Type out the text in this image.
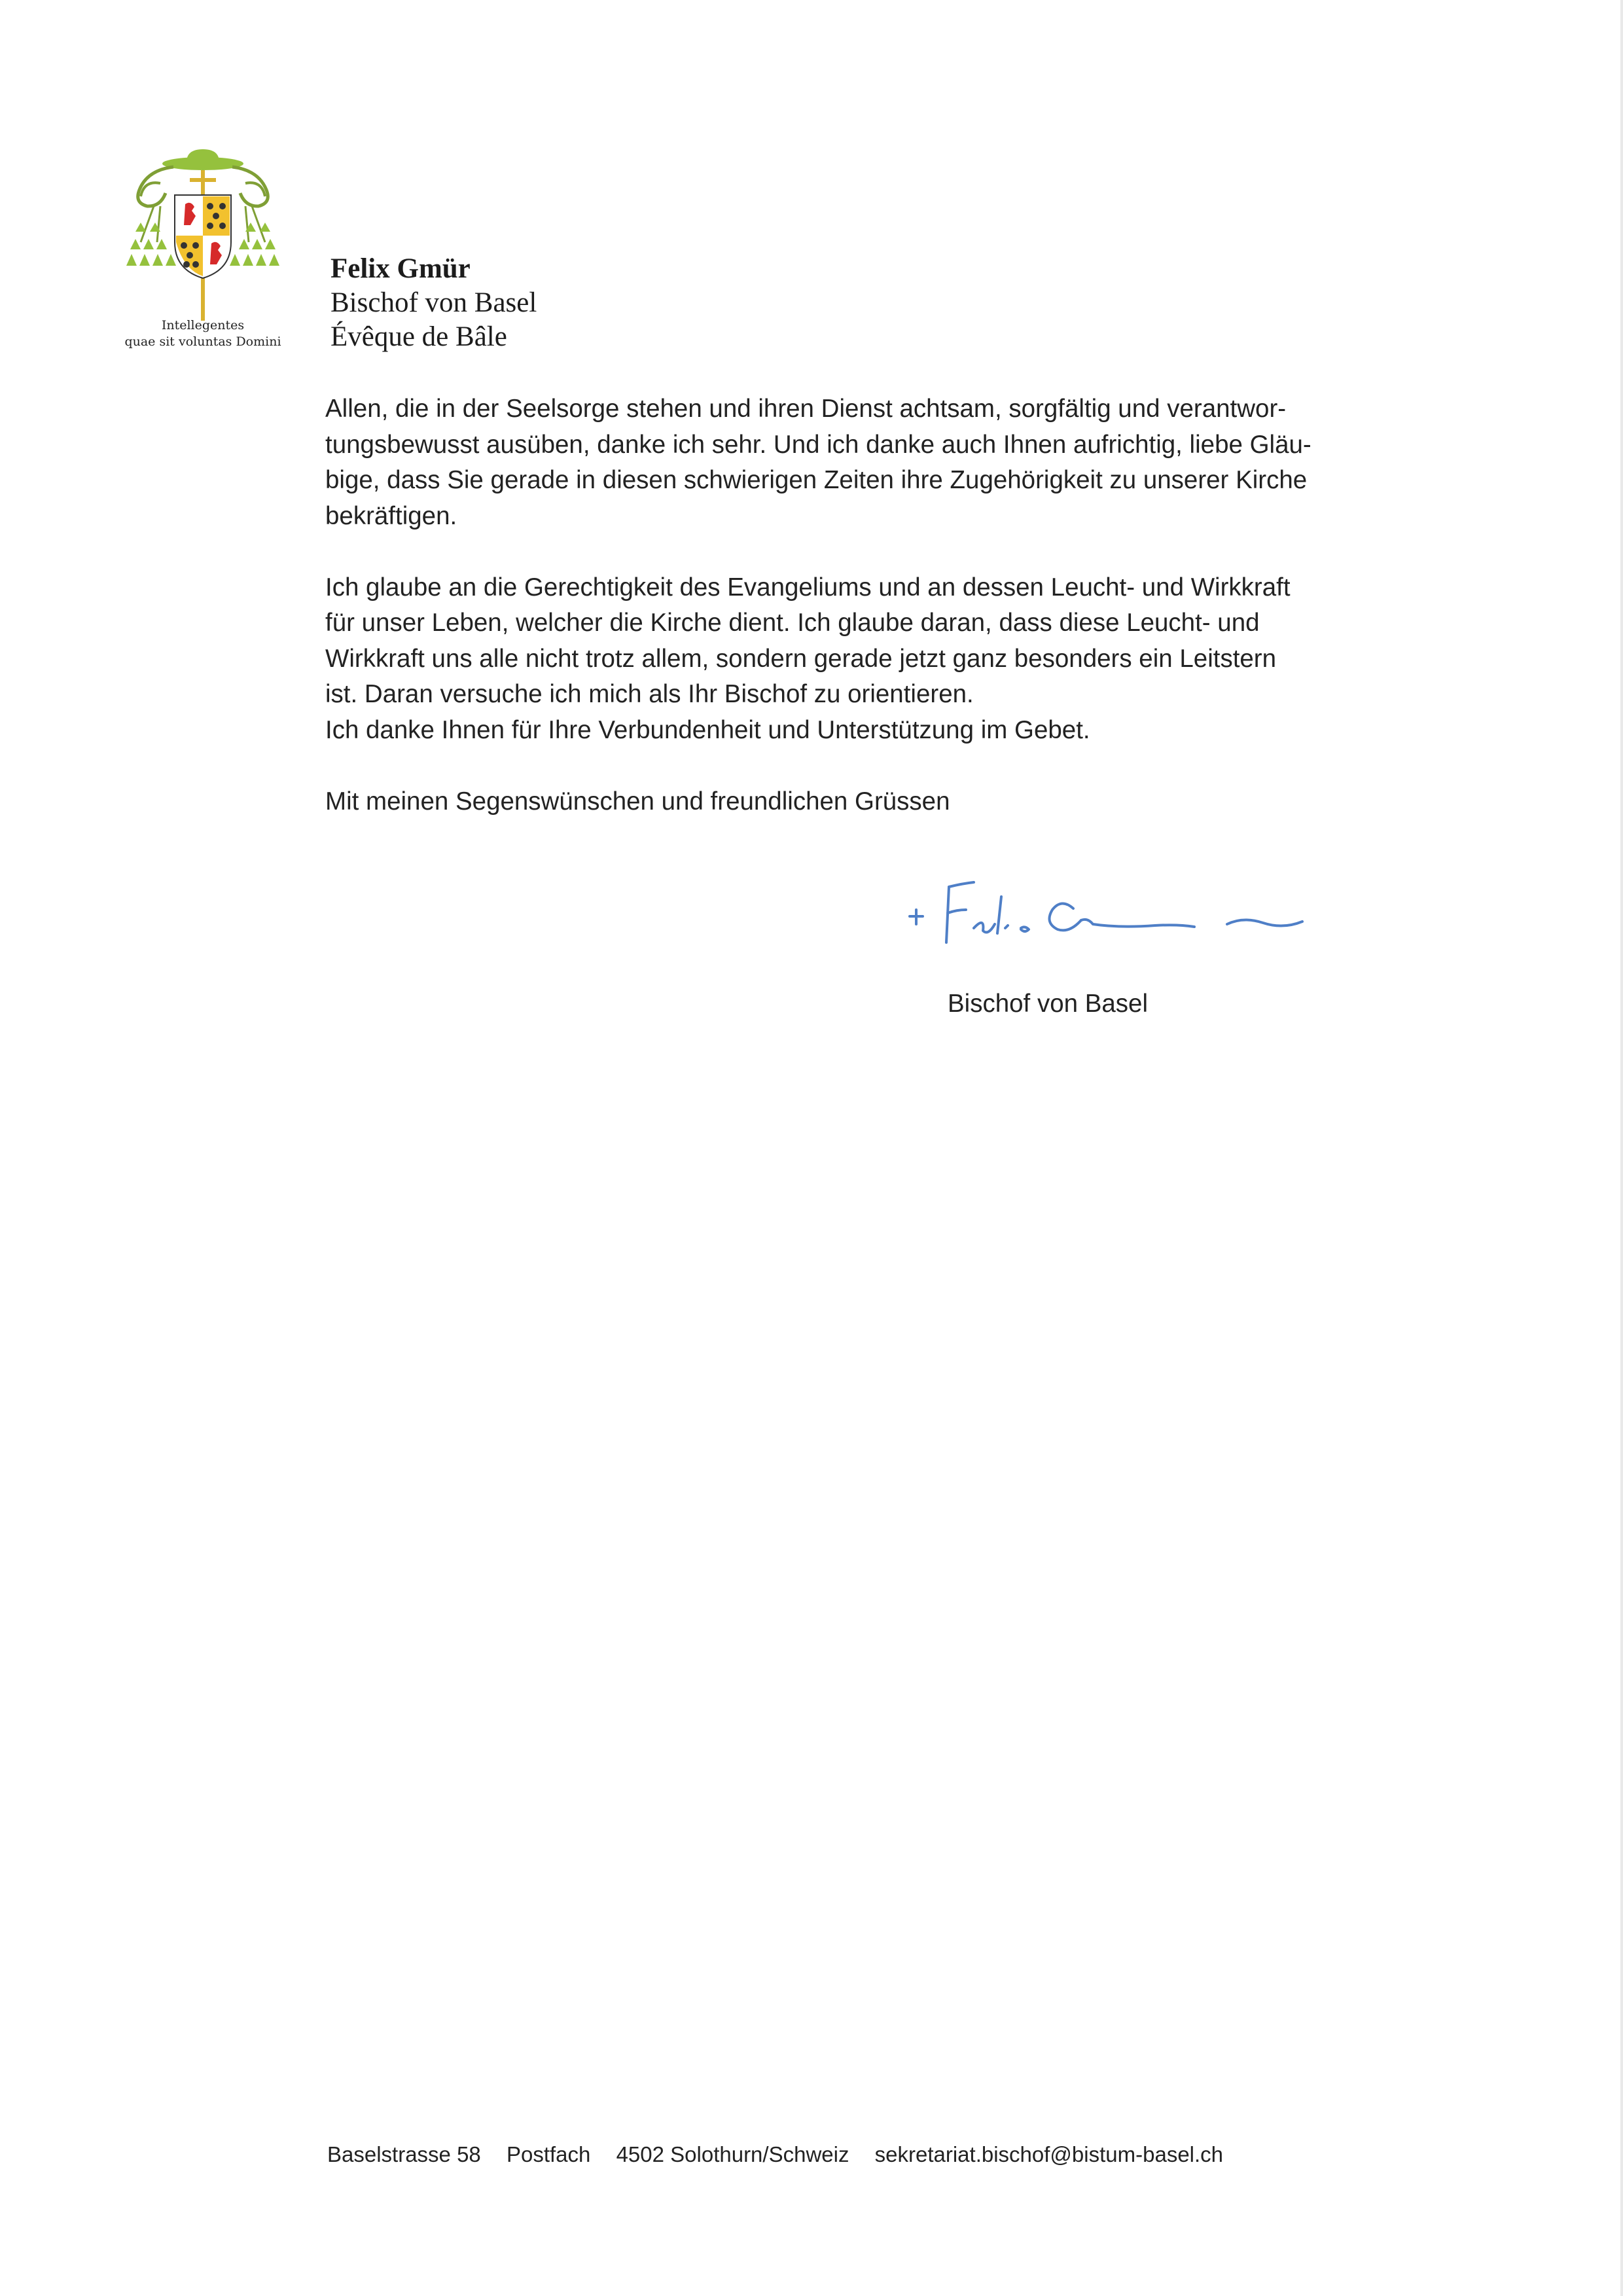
Intellegentes
quae sit voluntas Domini
Felix Gmür
Bischof von Basel
Évêque de Bâle
Allen, die in der Seelsorge stehen und ihren Dienst achtsam, sorgfältig und verantwor-
tungsbewusst ausüben, danke ich sehr. Und ich danke auch Ihnen aufrichtig, liebe Gläu-
bige, dass Sie gerade in diesen schwierigen Zeiten ihre Zugehörigkeit zu unserer Kirche
bekräftigen.
Ich glaube an die Gerechtigkeit des Evangeliums und an dessen Leucht- und Wirkkraft
für unser Leben, welcher die Kirche dient. Ich glaube daran, dass diese Leucht- und
Wirkkraft uns alle nicht trotz allem, sondern gerade jetzt ganz besonders ein Leitstern
ist. Daran versuche ich mich als Ihr Bischof zu orientieren.
Ich danke Ihnen für Ihre Verbundenheit und Unterstützung im Gebet.
Mit meinen Segenswünschen und freundlichen Grüssen
Bischof von Basel
Baselstrasse 58 Postfach 4502 Solothurn/Schweiz sekretariat.bischof@bistum-basel.ch
